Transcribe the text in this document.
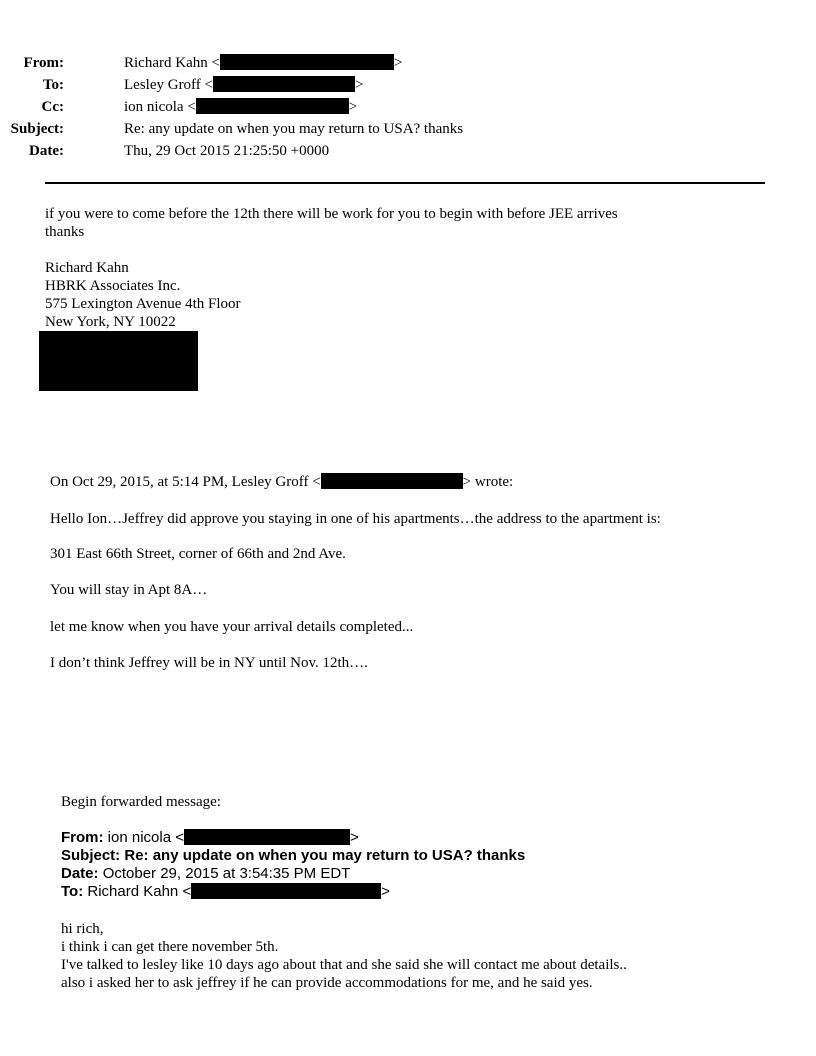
From:	Richard Kahn <	>
To:	Lesley Groff <	>
Cc:	ion nicola <	>
Subject:	Re: any update on when you may return to USA? thanks
Date:	Thu, 29 Oct 2015 21:25:50 +0000
if you were to come before the 12th there will be work for you to begin with before JEE arrives
thanks
Richard Kahn
HBRK Associates Inc.
575 Lexington Avenue 4th Floor
New York, NY 10022
On Oct 29, 2015, at 5:14 PM, Lesley Groff <	> wrote:
Hello Ion…Jeffrey did approve you staying in one of his apartments…the address to the apartment is:
301 East 66th Street, corner of 66th and 2nd Ave.
You will stay in Apt 8A…
let me know when you have your arrival details completed...
I don’t think Jeffrey will be in NY until Nov. 12th….
Begin forwarded message:
From: ion nicola <	>
Subject: Re: any update on when you may return to USA? thanks
Date: October 29, 2015 at 3:54:35 PM EDT
To: Richard Kahn <	>
hi rich,
i think i can get there november 5th.
I've talked to lesley like 10 days ago about that and she said she will contact me about details..
also i asked her to ask jeffrey if he can provide accommodations for me, and he said yes.
